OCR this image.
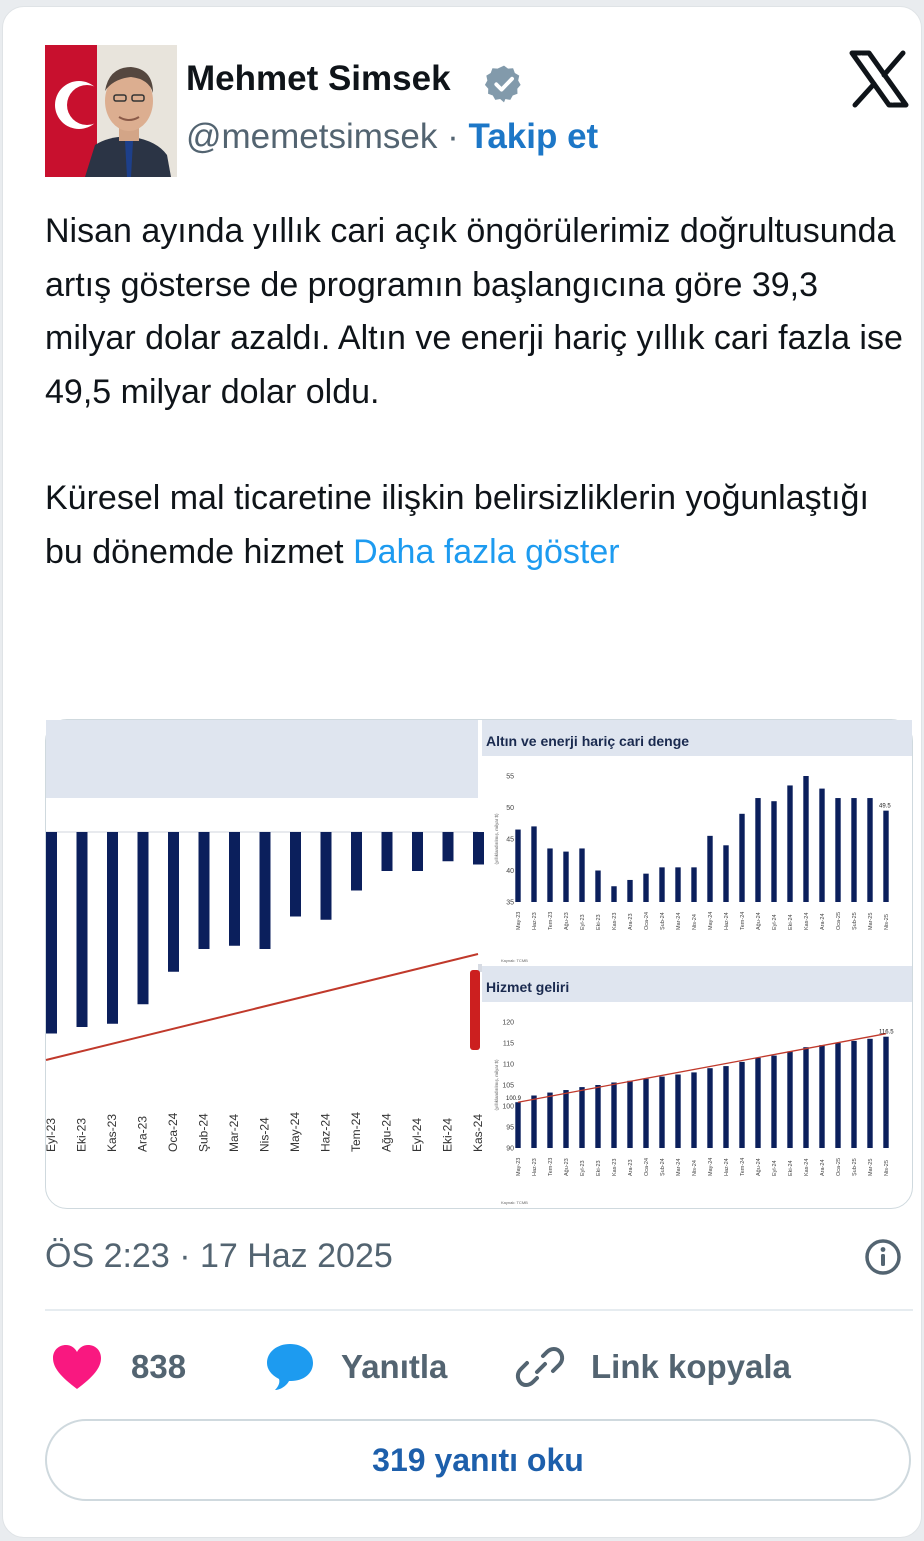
Mehmet Simsek
@memetsimsek · Takip et

Nisan ayında yıllık cari açık öngörülerimiz doğrultusunda artış gösterse de programın başlangıcına göre 39,3 milyar dolar azaldı. Altın ve enerji hariç yıllık cari fazla ise 49,5 milyar dolar oldu.

Küresel mal ticaretine ilişkin belirsizliklerin yoğunlaştığı bu dönemde hizmet Daha fazla göster

Eyl-23 Eki-23 Kas-23 Ara-23 Oca-24 Şub-24 Mar-24 Nis-24 May-24 Haz-24 Tem-24 Ağu-24 Eyl-24 Eki-24 Kas-24
Altın ve enerji hariç cari denge
Kaynak: TCMB
35
40
45
50
55
(yıllıklandırılmış, milyar $)
May-23 Haz-23 Tem-23 Ağu-23 Eyl-23 Eki-23 Kas-23 Ara-23 Oca-24 Şub-24 Mar-24 Nis-24 May-24 Haz-24 Tem-24 Ağu-24 Eyl-24 Eki-24 Kas-24 Ara-24 Oca-25 Şub-25 Mar-25 Nis-25
49.5
Hizmet geliri
Kaynak: TCMB
90
95
100
105
110
115
120
(yıllıklandırılmış, milyar $)
May-23 Haz-23 Tem-23 Ağu-23 Eyl-23 Eki-23 Kas-23 Ara-23 Oca-24 Şub-24 Mar-24 Nis-24 May-24 Haz-24 Tem-24 Ağu-24 Eyl-24 Eki-24 Kas-24 Ara-24 Oca-25 Şub-25 Mar-25 Nis-25
100.9
116.5
ÖS 2:23 · 17 Haz 2025
838	Yanıtla	Link kopyala
319 yanıtı oku
